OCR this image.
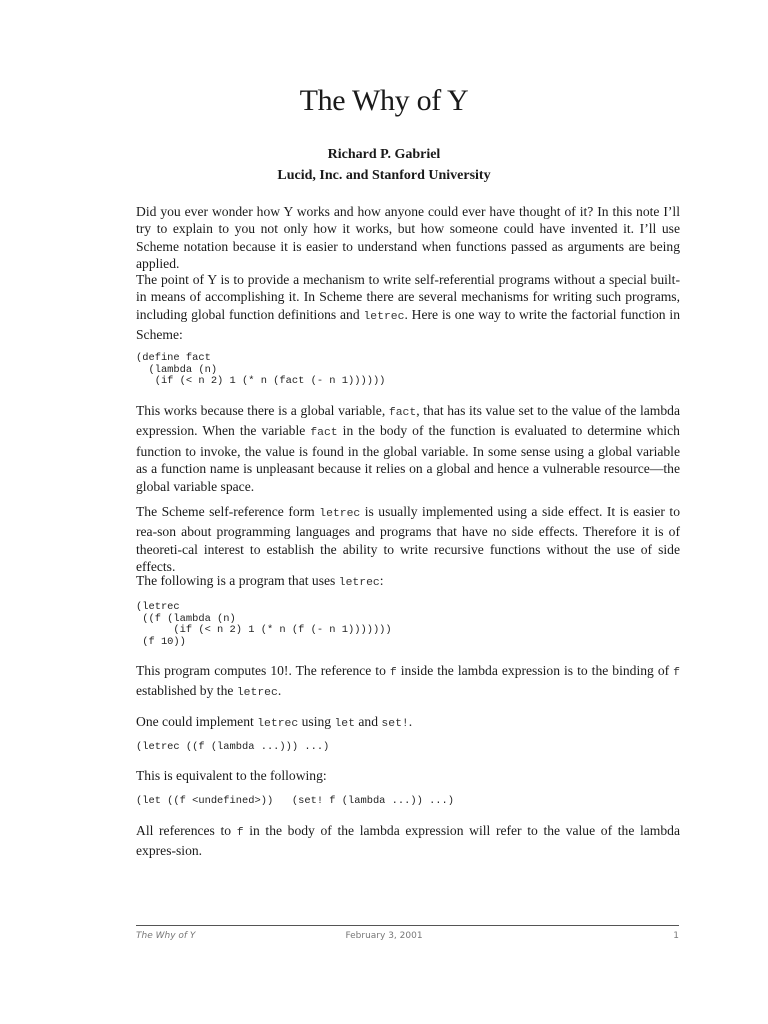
The Why of Y
Richard P. Gabriel
Lucid, Inc. and Stanford University
Did you ever wonder how Y works and how anyone could ever have thought of it? In this note I’ll try to explain to you not only how it works, but how someone could have invented it. I’ll use Scheme notation because it is easier to understand when functions passed as arguments are being applied.
The point of Y is to provide a mechanism to write self-referential programs without a special built-in means of accomplishing it. In Scheme there are several mechanisms for writing such programs, including global function definitions and letrec. Here is one way to write the factorial function in Scheme:
(define fact
(lambda (n)
(if (< n 2) 1 (* n (fact (- n 1))))))
This works because there is a global variable, fact, that has its value set to the value of the lambda expression. When the variable fact in the body of the function is evaluated to determine which function to invoke, the value is found in the global variable. In some sense using a global variable as a function name is unpleasant because it relies on a global and hence a vulnerable resource—the global variable space.
The Scheme self-reference form letrec is usually implemented using a side effect. It is easier to rea-son about programming languages and programs that have no side effects. Therefore it is of theoreti-cal interest to establish the ability to write recursive functions without the use of side effects.
The following is a program that uses letrec:
(letrec
((f (lambda (n)
(if (< n 2) 1 (* n (f (- n 1)))))))
(f 10))
This program computes 10!. The reference to f inside the lambda expression is to the binding of f established by the letrec.
One could implement letrec using let and set!.
(letrec ((f (lambda ...))) ...)
This is equivalent to the following:
(let ((f <undefined>))   (set! f (lambda ...)) ...)
All references to f in the body of the lambda expression will refer to the value of the lambda expres-sion.
The Why of Y	February 3, 2001	1
